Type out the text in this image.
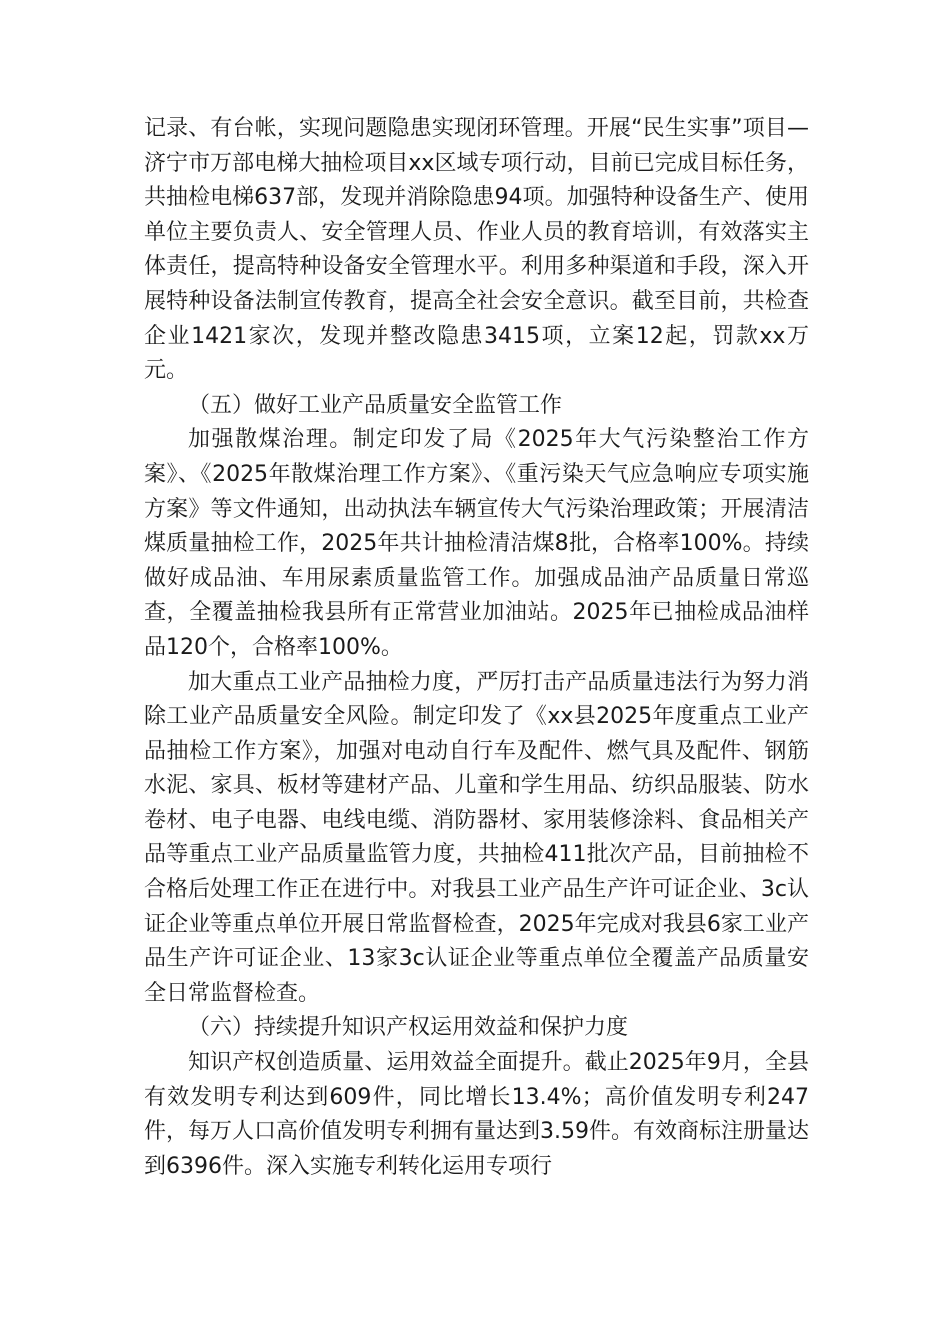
记录、有台帐，实现问题隐患实现闭环管理。开展“民生实事”项目—济宁市万部电梯大抽检项目xx区域专项行动，目前已完成目标任务，共抽检电梯637部，发现并消除隐患94项。加强特种设备生产、使用单位主要负责人、安全管理人员、作业人员的教育培训，有效落实主体责任，提高特种设备安全管理水平。利用多种渠道和手段，深入开展特种设备法制宣传教育，提高全社会安全意识。截至目前，共检查企业1421家次，发现并整改隐患3415项，立案12起，罚款xx万元。

（五）做好工业产品质量安全监管工作

加强散煤治理。制定印发了局《2025年大气污染整治工作方案》、《2025年散煤治理工作方案》、《重污染天气应急响应专项实施方案》等文件通知，出动执法车辆宣传大气污染治理政策；开展清洁煤质量抽检工作，2025年共计抽检清洁煤8批，合格率100%。持续做好成品油、车用尿素质量监管工作。加强成品油产品质量日常巡查，全覆盖抽检我县所有正常营业加油站。2025年已抽检成品油样品120个，合格率100%。

加大重点工业产品抽检力度，严厉打击产品质量违法行为努力消除工业产品质量安全风险。制定印发了《xx县2025年度重点工业产品抽检工作方案》，加强对电动自行车及配件、燃气具及配件、钢筋水泥、家具、板材等建材产品、儿童和学生用品、纺织品服装、防水卷材、电子电器、电线电缆、消防器材、家用装修涂料、食品相关产品等重点工业产品质量监管力度，共抽检411批次产品，目前抽检不合格后处理工作正在进行中。对我县工业产品生产许可证企业、3c认证企业等重点单位开展日常监督检查，2025年完成对我县6家工业产品生产许可证企业、13家3c认证企业等重点单位全覆盖产品质量安全日常监督检查。

（六）持续提升知识产权运用效益和保护力度

知识产权创造质量、运用效益全面提升。截止2025年9月，全县有效发明专利达到609件，同比增长13.4%；高价值发明专利247件，每万人口高价值发明专利拥有量达到3.59件。有效商标注册量达到6396件。深入实施专利转化运用专项行
